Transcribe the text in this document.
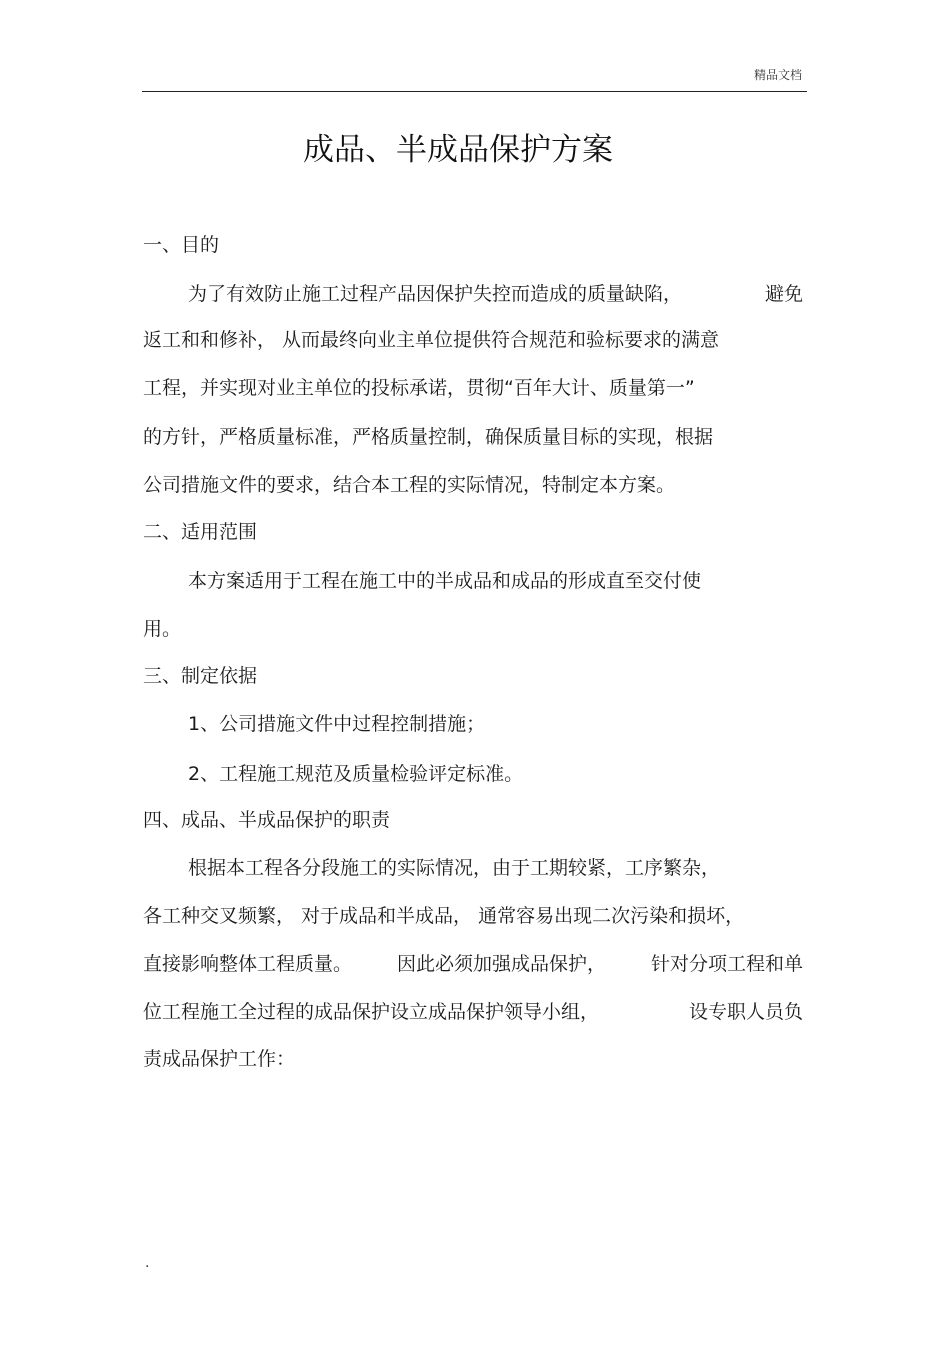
精品文档
成品、半成品保护方案
一、目的
为了有效防止施工过程产品因保护失控而造成的质量缺陷，	避免
返工和和修补， 从而最终向业主单位提供符合规范和验标要求的满意
工程，并实现对业主单位的投标承诺，贯彻“百年大计、质量第一”
的方针，严格质量标准，严格质量控制，确保质量目标的实现，根据
公司措施文件的要求，结合本工程的实际情况，特制定本方案。
二、适用范围
本方案适用于工程在施工中的半成品和成品的形成直至交付使
用。
三、制定依据
1、公司措施文件中过程控制措施；
2、工程施工规范及质量检验评定标准。
四、成品、半成品保护的职责
根据本工程各分段施工的实际情况，由于工期较紧，工序繁杂，
各工种交叉频繁， 对于成品和半成品， 通常容易出现二次污染和损坏，
直接影响整体工程质量。 因此必须加强成品保护， 针对分项工程和单
位工程施工全过程的成品保护设立成品保护领导小组，	设专职人员负
责成品保护工作：
.
